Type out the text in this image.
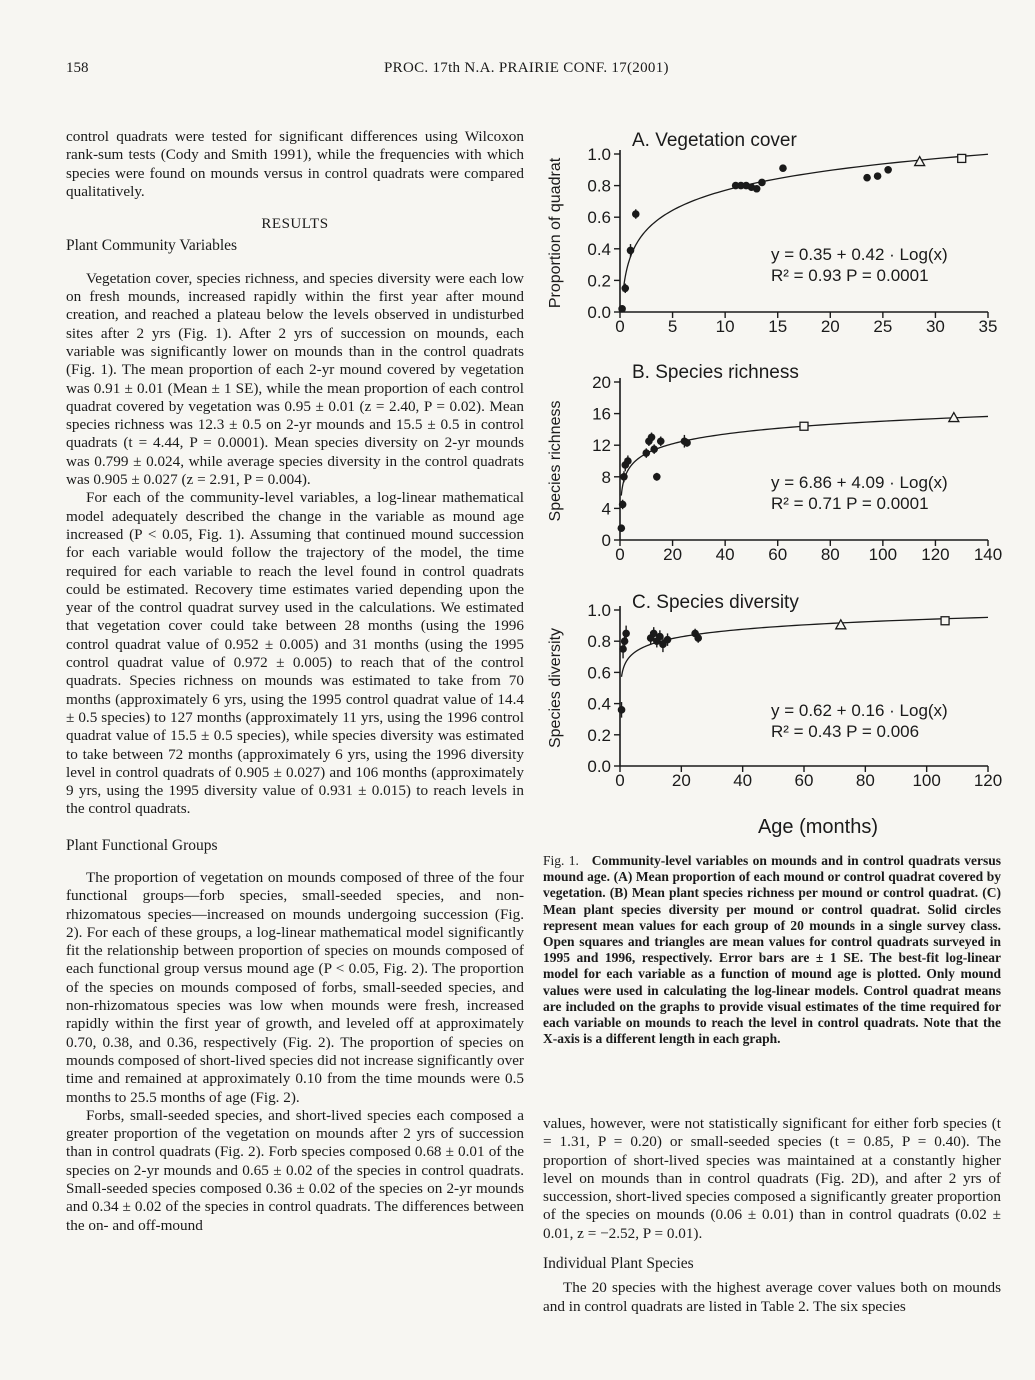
158	PROC. 17th N.A. PRAIRIE CONF. 17(2001)

control quadrats were tested for significant differences using Wilcoxon rank-sum tests (Cody and Smith 1991), while the frequencies with which species were found on mounds versus in control quadrats were compared qualitatively.

RESULTS
Plant Community Variables

Vegetation cover, species richness, and species diversity were each low on fresh mounds, increased rapidly within the first year after mound creation, and reached a plateau below the levels observed in undisturbed sites after 2 yrs (Fig. 1). After 2 yrs of succession on mounds, each variable was significantly lower on mounds than in the control quadrats (Fig. 1). The mean proportion of each 2-yr mound covered by vegetation was 0.91 ± 0.01 (Mean ± 1 SE), while the mean proportion of each control quadrat covered by vegetation was 0.95 ± 0.01 (z = 2.40, P = 0.02). Mean species richness was 12.3 ± 0.5 on 2-yr mounds and 15.5 ± 0.5 in control quadrats (t = 4.44, P = 0.0001). Mean species diversity on 2-yr mounds was 0.799 ± 0.024, while average species diversity in the control quadrats was 0.905 ± 0.027 (z = 2.91, P = 0.004).

For each of the community-level variables, a log-linear mathematical model adequately described the change in the variable as mound age increased (P < 0.05, Fig. 1). Assuming that continued mound succession for each variable would follow the trajectory of the model, the time required for each variable to reach the level found in control quadrats could be estimated. Recovery time estimates varied depending upon the year of the control quadrat survey used in the calculations. We estimated that vegetation cover could take between 28 months (using the 1996 control quadrat value of 0.952 ± 0.005) and 31 months (using the 1995 control quadrat value of 0.972 ± 0.005) to reach that of the control quadrats. Species richness on mounds was estimated to take from 70 months (approximately 6 yrs, using the 1995 control quadrat value of 14.4 ± 0.5 species) to 127 months (approximately 11 yrs, using the 1996 control quadrat value of 15.5 ± 0.5 species), while species diversity was estimated to take between 72 months (approximately 6 yrs, using the 1996 diversity level in control quadrats of 0.905 ± 0.027) and 106 months (approximately 9 yrs, using the 1995 diversity value of 0.931 ± 0.015) to reach levels in the control quadrats.

Plant Functional Groups

The proportion of vegetation on mounds composed of three of the four functional groups—forb species, small-seeded species, and non-rhizomatous species—increased on mounds undergoing succession (Fig. 2). For each of these groups, a log-linear mathematical model significantly fit the relationship between proportion of species on mounds composed of each functional group versus mound age (P < 0.05, Fig. 2). The proportion of the species on mounds composed of forbs, small-seeded species, and non-rhizomatous species was low when mounds were fresh, increased rapidly within the first year of growth, and leveled off at approximately 0.70, 0.38, and 0.36, respectively (Fig. 2). The proportion of species on mounds composed of short-lived species did not increase significantly over time and remained at approximately 0.10 from the time mounds were 0.5 months to 25.5 months of age (Fig. 2).

Forbs, small-seeded species, and short-lived species each composed a greater proportion of the vegetation on mounds after 2 yrs of succession than in control quadrats (Fig. 2). Forb species composed 0.68 ± 0.01 of the species on 2-yr mounds and 0.65 ± 0.02 of the species in control quadrats. Small-seeded species composed 0.36 ± 0.02 of the species on 2-yr mounds and 0.34 ± 0.02 of the species in control quadrats. The differences between the on- and off-mound

0.0
0.2
0.4
0.6
0.8
1.0
0	5 10 15 20 25 30 35
Proportion of quadrat
A. Vegetation cover
y = 0.35 + 0.42 · Log(x)
R² = 0.93 P = 0.0001
0
4
8
12
16
20
0 20 40 60 80 100 120 140
Species richness
B. Species richness
y = 6.86 + 4.09 · Log(x)
R² = 0.71 P = 0.0001
0.0
0.2
0.4
0.6
0.8
1.0
0	20 40 60 80 100 120
Species diversity
C. Species diversity
y = 0.62 + 0.16 · Log(x)
R² = 0.43 P = 0.006
Age (months)
Fig. 1. Community-level variables on mounds and in control quadrats versus mound age. (A) Mean proportion of each mound or control quadrat covered by vegetation. (B) Mean plant species richness per mound or control quadrat. (C) Mean plant species diversity per mound or control quadrat. Solid circles represent mean values for each group of 20 mounds in a single survey class. Open squares and triangles are mean values for control quadrats surveyed in 1995 and 1996, respectively. Error bars are ± 1 SE. The best-fit log-linear model for each variable as a function of mound age is plotted. Only mound values were used in calculating the log-linear models. Control quadrat means are included on the graphs to provide visual estimates of the time required for each variable on mounds to reach the level in control quadrats. Note that the X-axis is a different length in each graph.

values, however, were not statistically significant for either forb species (t = 1.31, P = 0.20) or small-seeded species (t = 0.85, P = 0.40). The proportion of short-lived species was maintained at a constantly higher level on mounds than in control quadrats (Fig. 2D), and after 2 yrs of succession, short-lived species composed a significantly greater proportion of the species on mounds (0.06 ± 0.01) than in control quadrats (0.02 ± 0.01, z = −2.52, P = 0.01).

Individual Plant Species

The 20 species with the highest average cover values both on mounds and in control quadrats are listed in Table 2. The six species
